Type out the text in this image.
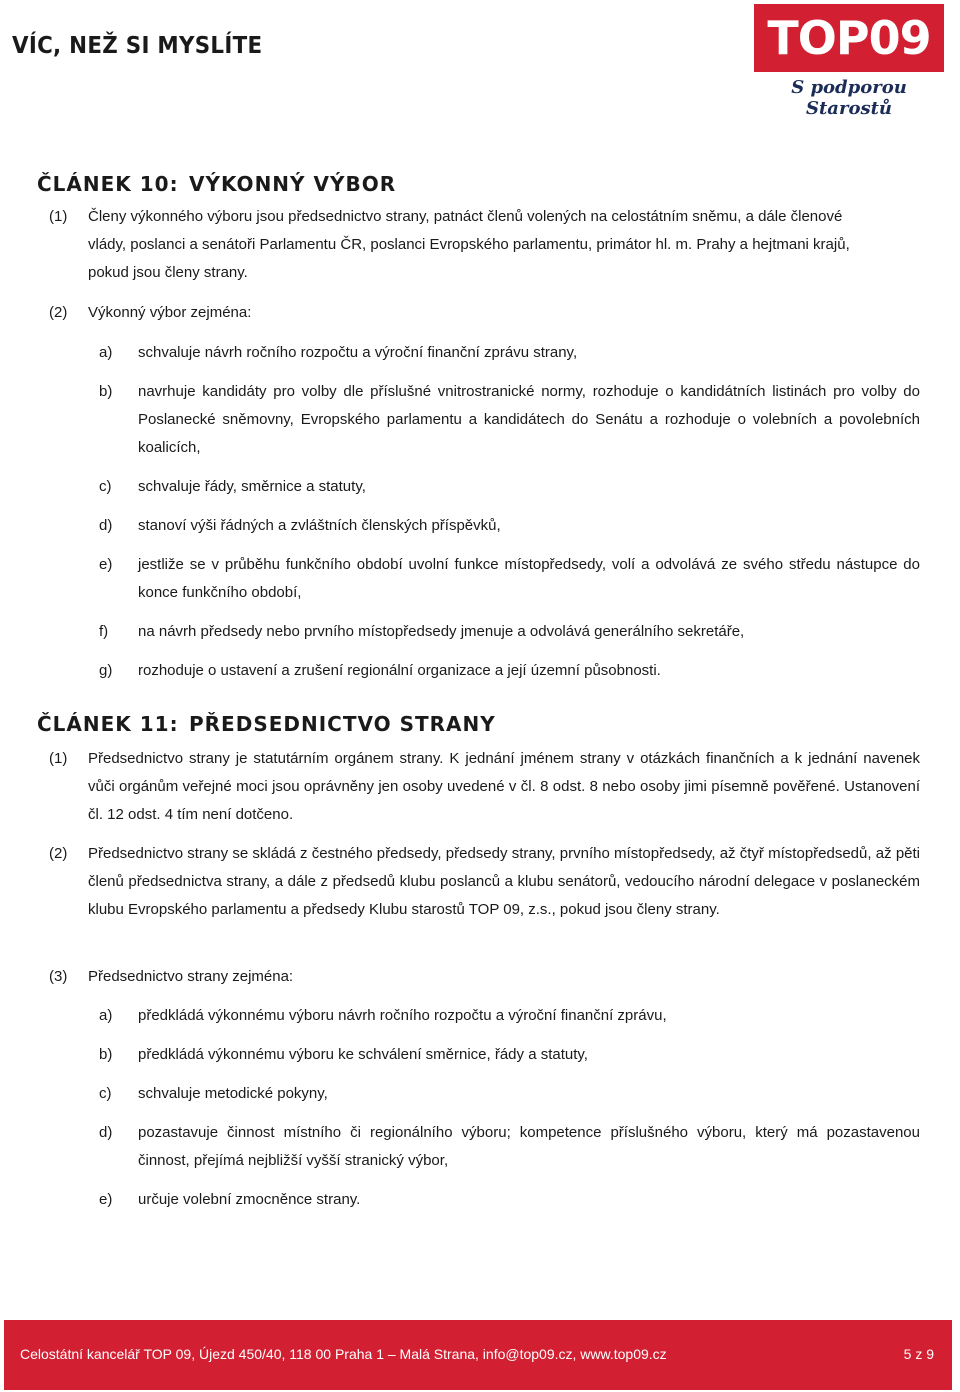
VÍC, NEŽ SI MYSLÍTE	TOP09
S podporou Starostů
ČLÁNEK 10: VÝKONNÝ VÝBOR
(1) Členy výkonného výboru jsou předsednictvo strany, patnáct členů volených na celostátním sněmu, a dále členové
vlády, poslanci a senátoři Parlamentu ČR, poslanci Evropského parlamentu, primátor hl. m. Prahy a hejtmani krajů,
pokud jsou členy strany.
(2) Výkonný výbor zejména:
a) schvaluje návrh ročního rozpočtu a výroční finanční zprávu strany,
b) navrhuje kandidáty pro volby dle příslušné vnitrostranické normy, rozhoduje o kandidátních listinách pro volby do Poslanecké sněmovny, Evropského parlamentu a kandidátech do Senátu a rozhoduje o volebních a povolebních koalicích,
c) schvaluje řády, směrnice a statuty,
d) stanoví výši řádných a zvláštních členských příspěvků,
e) jestliže se v průběhu funkčního období uvolní funkce místopředsedy, volí a odvolává ze svého středu nástupce do konce funkčního období,
f) na návrh předsedy nebo prvního místopředsedy jmenuje a odvolává generálního sekretáře,
g) rozhoduje o ustavení a zrušení regionální organizace a její územní působnosti.
ČLÁNEK 11: PŘEDSEDNICTVO STRANY
(1) Předsednictvo strany je statutárním orgánem strany. K jednání jménem strany v otázkách finančních a k jednání navenek vůči orgánům veřejné moci jsou oprávněny jen osoby uvedené v čl. 8 odst. 8 nebo osoby jimi písemně pověřené. Ustanovení čl. 12 odst. 4 tím není dotčeno.
(2) Předsednictvo strany se skládá z čestného předsedy, předsedy strany, prvního místopředsedy, až čtyř místopředsedů, až pěti členů předsednictva strany, a dále z předsedů klubu poslanců a klubu senátorů, vedoucího národní delegace v poslaneckém klubu Evropského parlamentu a předsedy Klubu starostů TOP 09, z.s., pokud jsou členy strany.
(3) Předsednictvo strany zejména:
a) předkládá výkonnému výboru návrh ročního rozpočtu a výroční finanční zprávu,
b) předkládá výkonnému výboru ke schválení směrnice, řády a statuty,
c) schvaluje metodické pokyny,
d) pozastavuje činnost místního či regionálního výboru; kompetence příslušného výboru, který má pozastavenou činnost, přejímá nejbližší vyšší stranický výbor,
e) určuje volební zmocněnce strany.
Celostátní kancelář TOP 09, Újezd 450/40, 118 00 Praha 1 – Malá Strana, info@top09.cz, www.top09.cz	5 z 9
